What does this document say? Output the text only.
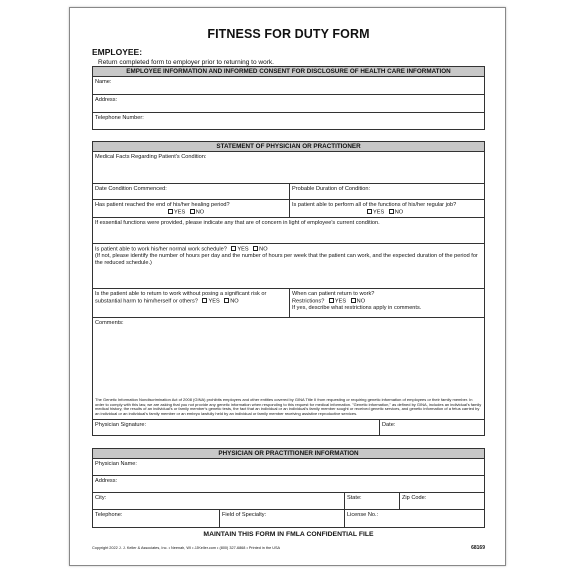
FITNESS FOR DUTY FORM
EMPLOYEE:
Return completed form to employer prior to returning to work.
EMPLOYEE INFORMATION AND INFORMED CONSENT FOR DISCLOSURE OF HEALTH CARE INFORMATION
Name:
Address:
Telephone Number:
STATEMENT OF PHYSICIAN OR PRACTITIONER
Medical Facts Regarding Patient's Condition:
Date Condition Commenced:	Probable Duration of Condition:
Has patient reached the end of his/her healing period?
YES NO
Is patient able to perform all of the functions of his/her regular job?
YES NO
If essential functions were provided, please indicate any that are of concern in light of employee's current condition.
Is patient able to work his/her normal work schedule? YES NO
(If not, please identify the number of hours per day and the number of hours per week that the patient can work, and the expected duration of the period for the reduced schedule.)
Is the patient able to return to work without posing a significant risk or substantial harm to him/herself or others? YES NO
When can patient return to work?
Restrictions? YES NO
If yes, describe what restrictions apply in comments.
Comments:
The Genetic Information Nondiscrimination Act of 2008 (GINA) prohibits employers and other entities covered by GINA Title II from requesting or requiring genetic information of employees or their family member. In order to comply with this law, we are asking that you not provide any genetic information when responding to this request for medical information. "Genetic information," as defined by GINA, includes an individual's family medical history, the results of an individual's or family member's genetic tests, the fact that an individual or an individual's family member sought or received genetic services, and genetic information of a fetus carried by an individual or an individual's family member or an embryo lawfully held by an individual or family member receiving assistive reproductive services.
Physician Signature:	Date:
PHYSICIAN OR PRACTITIONER INFORMATION
Physician Name:
Address:
City:	State:	Zip Code:
Telephone:	Field of Specialty:	License No.:
MAINTAIN THIS FORM IN FMLA CONFIDENTIAL FILE
Copyright 2022 J. J. Keller & Associates, Inc. • Neenah, WI • JJKeller.com • (800) 327-6868 • Printed in the USA	68169
